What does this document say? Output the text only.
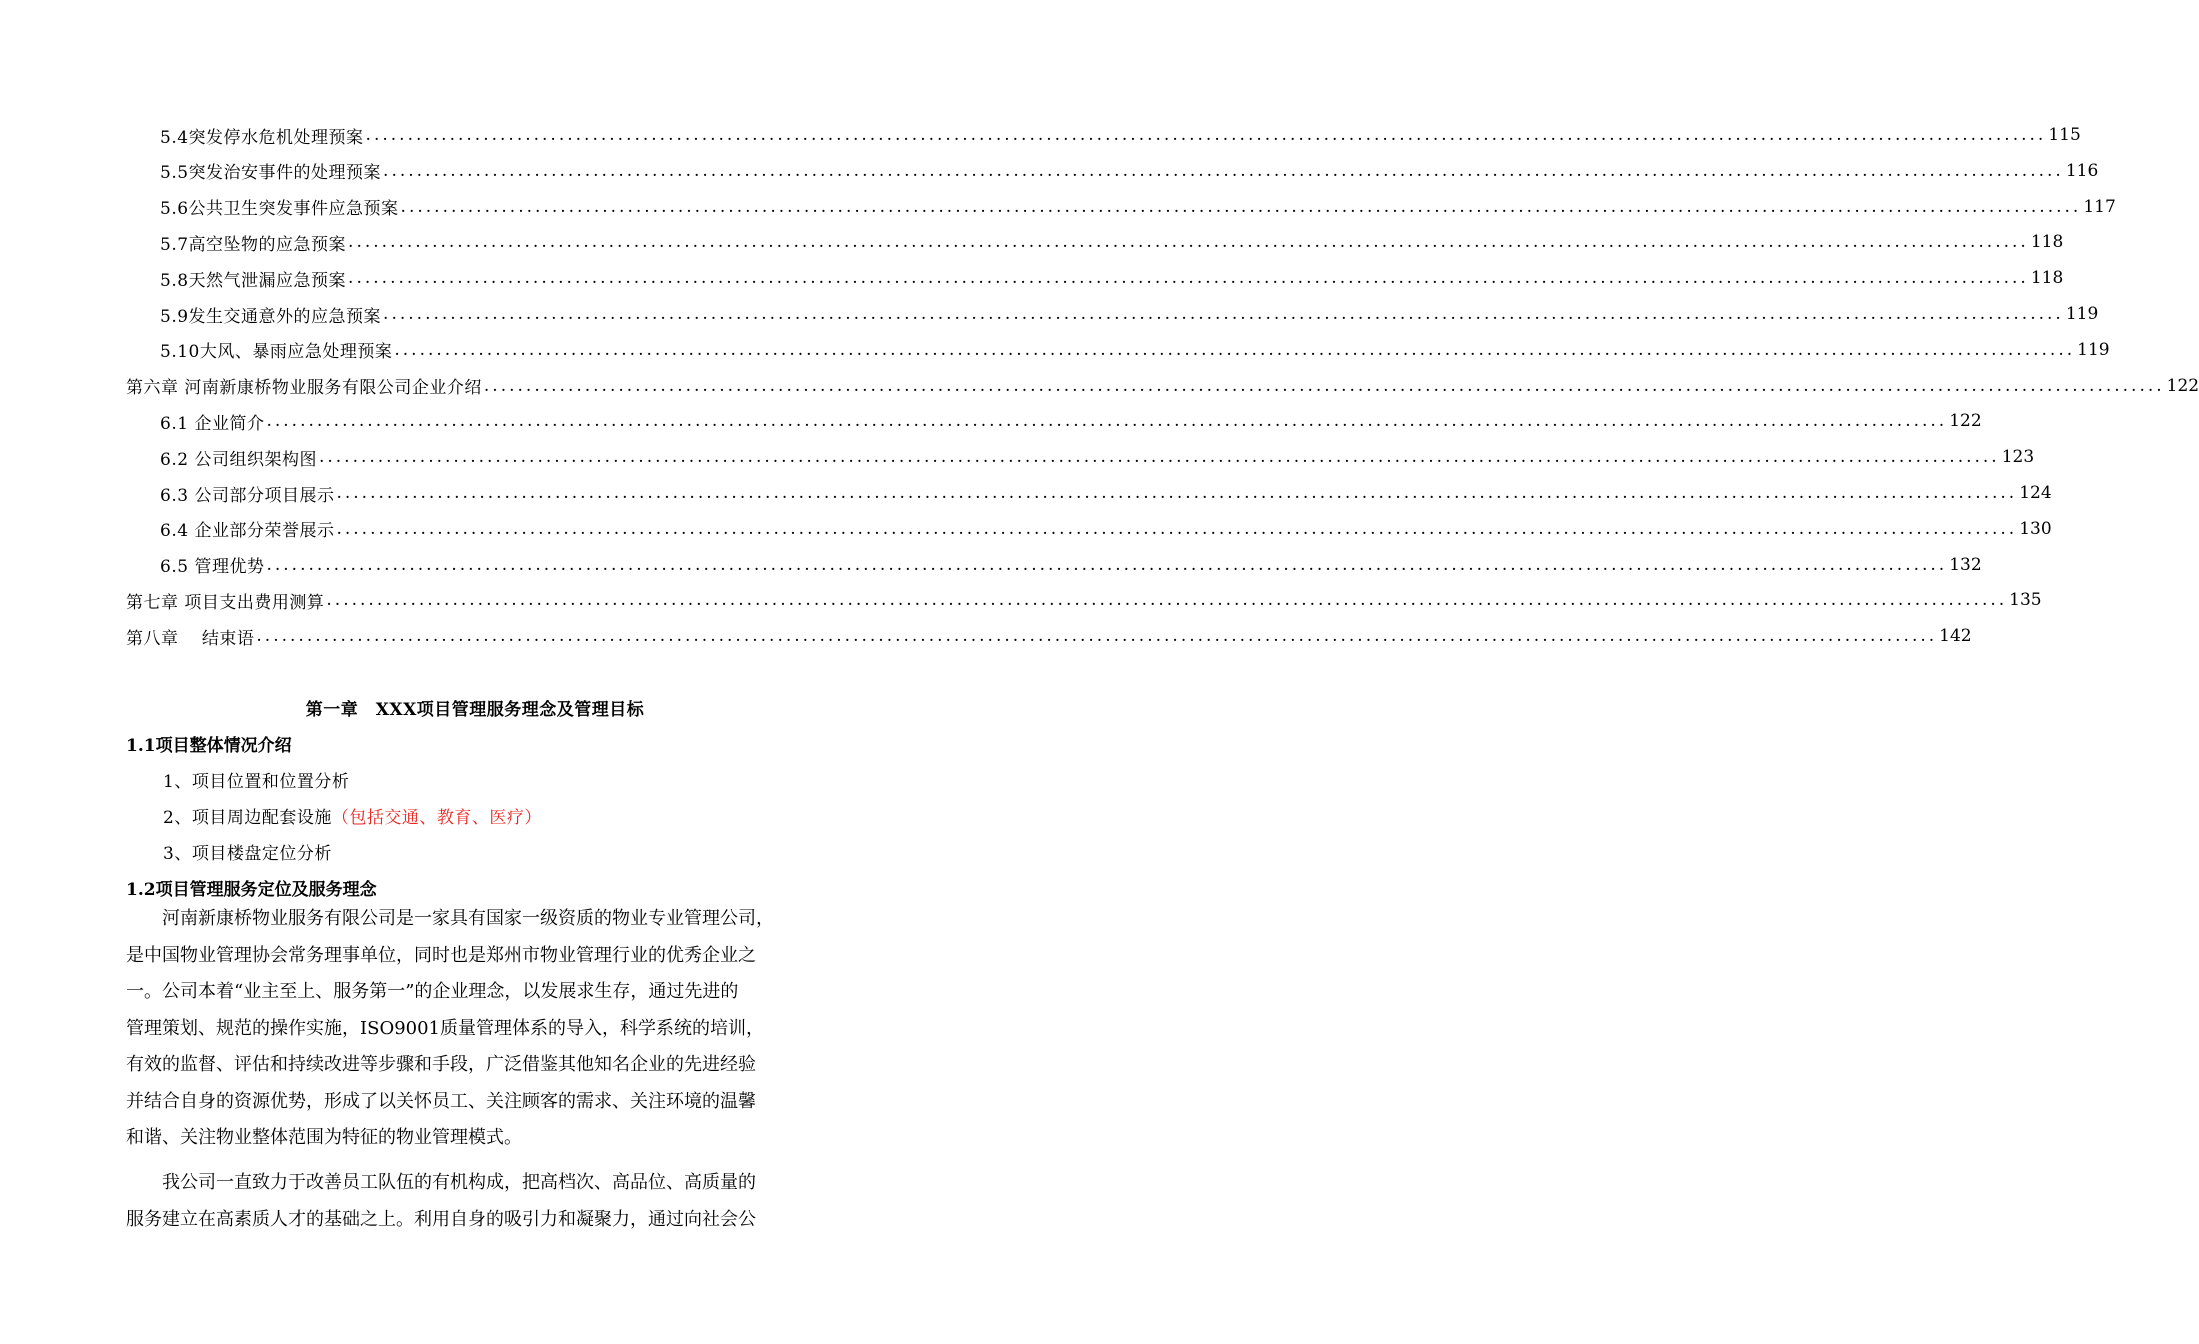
5.4突发停水危机处理预案 ........................................................................................................................................................................................................ 115
5.5突发治安事件的处理预案 ........................................................................................................................................................................................................ 116
5.6公共卫生突发事件应急预案 ........................................................................................................................................................................................................ 117
5.7高空坠物的应急预案 ........................................................................................................................................................................................................ 118
5.8天然气泄漏应急预案 ........................................................................................................................................................................................................ 118
5.9发生交通意外的应急预案 ........................................................................................................................................................................................................ 119
5.10大风、暴雨应急处理预案 ........................................................................................................................................................................................................ 119
第六章 河南新康桥物业服务有限公司企业介绍 ........................................................................................................................................................................................................ 122
6.1 企业简介 ........................................................................................................................................................................................................ 122
6.2 公司组织架构图 ........................................................................................................................................................................................................ 123
6.3 公司部分项目展示 ........................................................................................................................................................................................................ 124
6.4 企业部分荣誉展示 ........................................................................................................................................................................................................ 130
6.5 管理优势 ........................................................................................................................................................................................................ 132
第七章 项目支出费用测算 ........................................................................................................................................................................................................ 135
第八章　 结束语 ........................................................................................................................................................................................................ 142
第一章　XXX项目管理服务理念及管理目标
1.1项目整体情况介绍
1、项目位置和位置分析
2、项目周边配套设施（包括交通、教育、医疗）
3、项目楼盘定位分析
1.2项目管理服务定位及服务理念
　　河南新康桥物业服务有限公司是一家具有国家一级资质的物业专业管理公司，
是中国物业管理协会常务理事单位，同时也是郑州市物业管理行业的优秀企业之
一。公司本着“业主至上、服务第一”的企业理念，以发展求生存，通过先进的
管理策划、规范的操作实施，ISO9001质量管理体系的导入，科学系统的培训，
有效的监督、评估和持续改进等步骤和手段，广泛借鉴其他知名企业的先进经验
并结合自身的资源优势，形成了以关怀员工、关注顾客的需求、关注环境的温馨
和谐、关注物业整体范围为特征的物业管理模式。
　　我公司一直致力于改善员工队伍的有机构成，把高档次、高品位、高质量的
服务建立在高素质人才的基础之上。利用自身的吸引力和凝聚力，通过向社会公
